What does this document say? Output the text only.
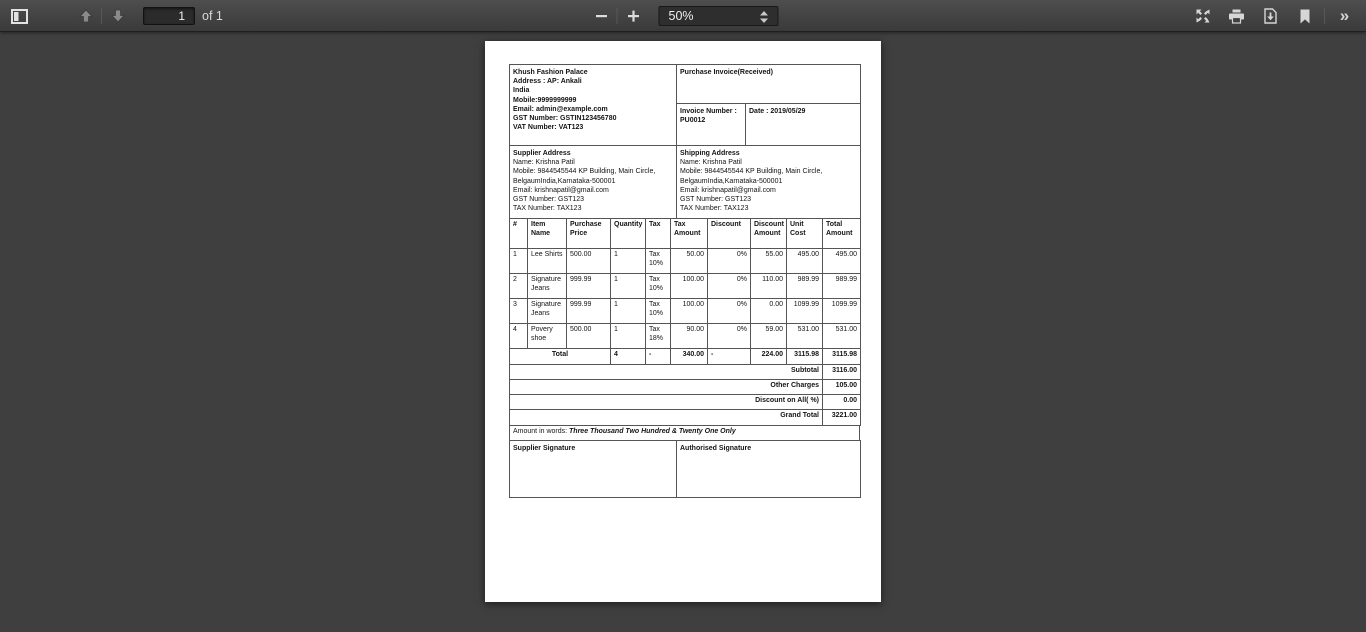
1
of 1	50%	»
Khush Fashion Palace
Address : AP: Ankali
India
Mobile:9999999999
Email: admin@example.com
GST Number: GSTIN123456780
VAT Number: VAT123
	Purchase Invoice(Received)

	Invoice Number :
PU0012	Date : 2019/05/29
Supplier Address
Name: Krishna Patil
Mobile: 9844545544 KP Building, Main Circle, BelgaumIndia,Karnataka-500001
Email: krishnapatil@gmail.com
GST Number: GST123
TAX Number: TAX123

Shipping Address
Name: Krishna Patil
Mobile: 9844545544 KP Building, Main Circle, BelgaumIndia,Karnataka-500001
Email: krishnapatil@gmail.com
GST Number: GST123
TAX Number: TAX123
#	Item Name	Purchase Price	Quantity	Tax	Tax Amount	Discount	Discount Amount	Unit Cost	Total Amount
1	Lee Shirts	500.00	1	Tax 10%	50.00	0%	55.00	495.00	495.00
2	Signature Jeans	999.99	1	Tax 10%	100.00	0%	110.00	989.99	989.99
3	Signature Jeans	999.99	1	Tax 10%	100.00	0%	0.00	1099.99	1099.99
4	Povery shoe	500.00	1	Tax 18%	90.00	0%	59.00	531.00	531.00
Total			4	-	340.00	-	224.00	3115.98	3115.98
Subtotal	3116.00
Other Charges	105.00
Discount on All( %)	0.00
Grand Total	3221.00
Amount in words: Three Thousand Two Hundred & Twenty One Only
Supplier Signature	Authorised Signature
